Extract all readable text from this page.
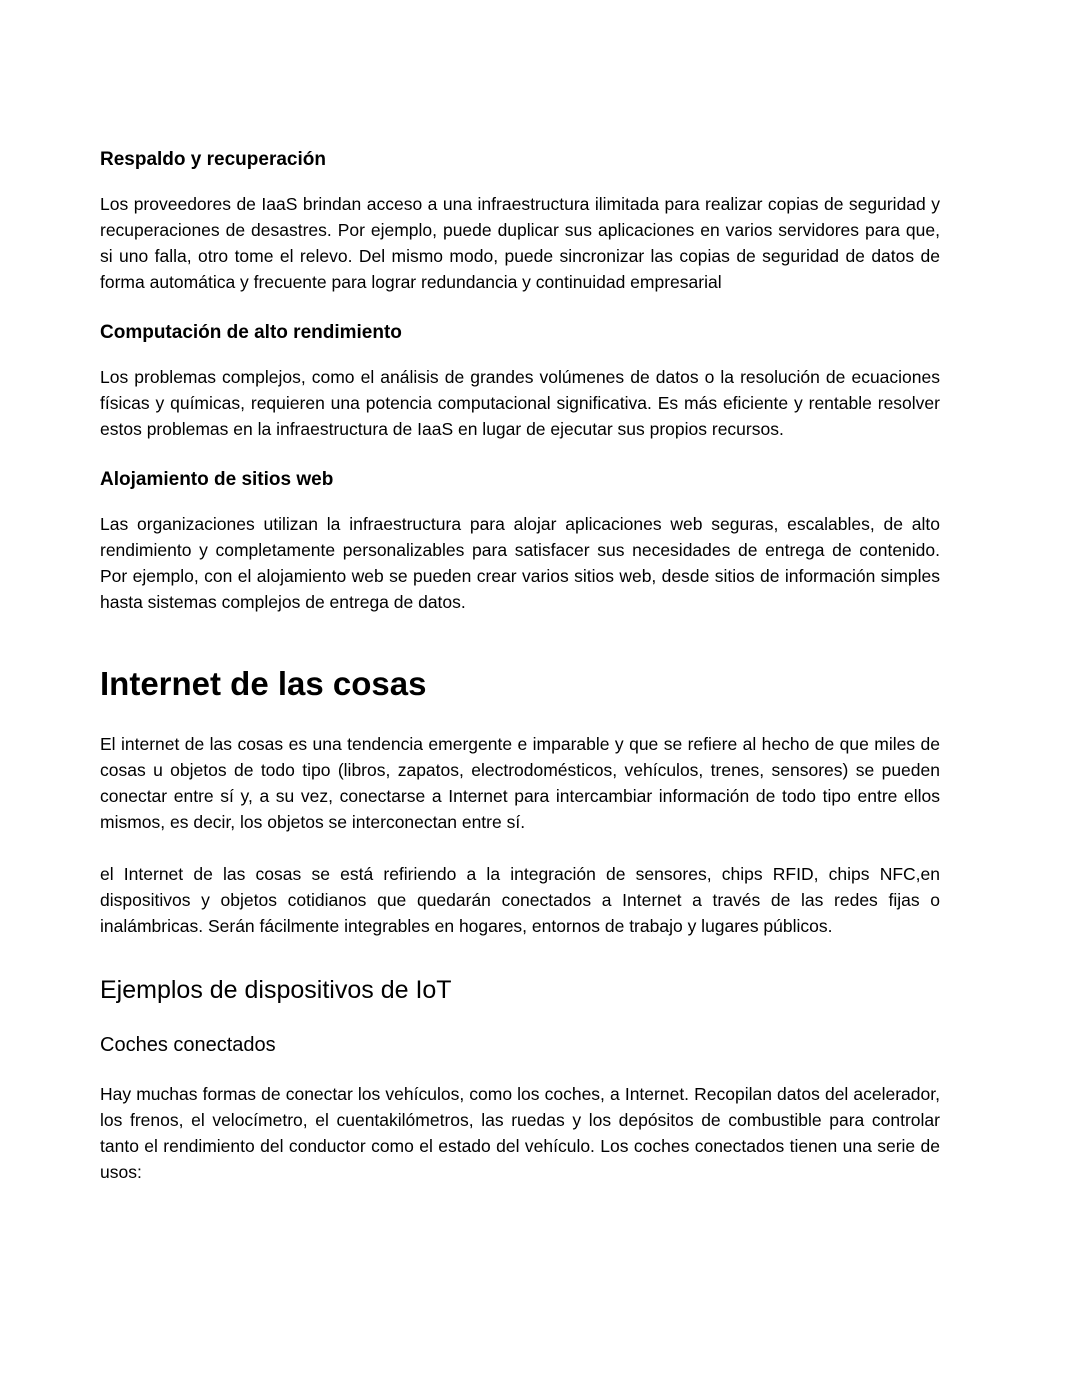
Respaldo y recuperación

Los proveedores de IaaS brindan acceso a una infraestructura ilimitada para realizar copias de seguridad y recuperaciones de desastres. Por ejemplo, puede duplicar sus aplicaciones en varios servidores para que, si uno falla, otro tome el relevo. Del mismo modo, puede sincronizar las copias de seguridad de datos de forma automática y frecuente para lograr redundancia y continuidad empresarial

Computación de alto rendimiento

Los problemas complejos, como el análisis de grandes volúmenes de datos o la resolución de ecuaciones físicas y químicas, requieren una potencia computacional significativa. Es más eficiente y rentable resolver estos problemas en la infraestructura de IaaS en lugar de ejecutar sus propios recursos.

Alojamiento de sitios web

Las organizaciones utilizan la infraestructura para alojar aplicaciones web seguras, escalables, de alto rendimiento y completamente personalizables para satisfacer sus necesidades de entrega de contenido. Por ejemplo, con el alojamiento web se pueden crear varios sitios web, desde sitios de información simples hasta sistemas complejos de entrega de datos.

Internet de las cosas

El internet de las cosas es una tendencia emergente e imparable y que se refiere al hecho de que miles de cosas u objetos de todo tipo (libros, zapatos, electrodomésticos, vehículos, trenes, sensores) se pueden conectar entre sí y, a su vez, conectarse a Internet para intercambiar información de todo tipo entre ellos mismos, es decir, los objetos se interconectan entre sí.

el Internet de las cosas se está refiriendo a la integración de sensores, chips RFID, chips NFC,en dispositivos y objetos cotidianos que quedarán conectados a Internet a través de las redes fijas o inalámbricas. Serán fácilmente integrables en hogares, entornos de trabajo y lugares públicos.

Ejemplos de dispositivos de IoT
Coches conectados

Hay muchas formas de conectar los vehículos, como los coches, a Internet. Recopilan datos del acelerador, los frenos, el velocímetro, el cuentakilómetros, las ruedas y los depósitos de combustible para controlar tanto el rendimiento del conductor como el estado del vehículo. Los coches conectados tienen una serie de usos:
